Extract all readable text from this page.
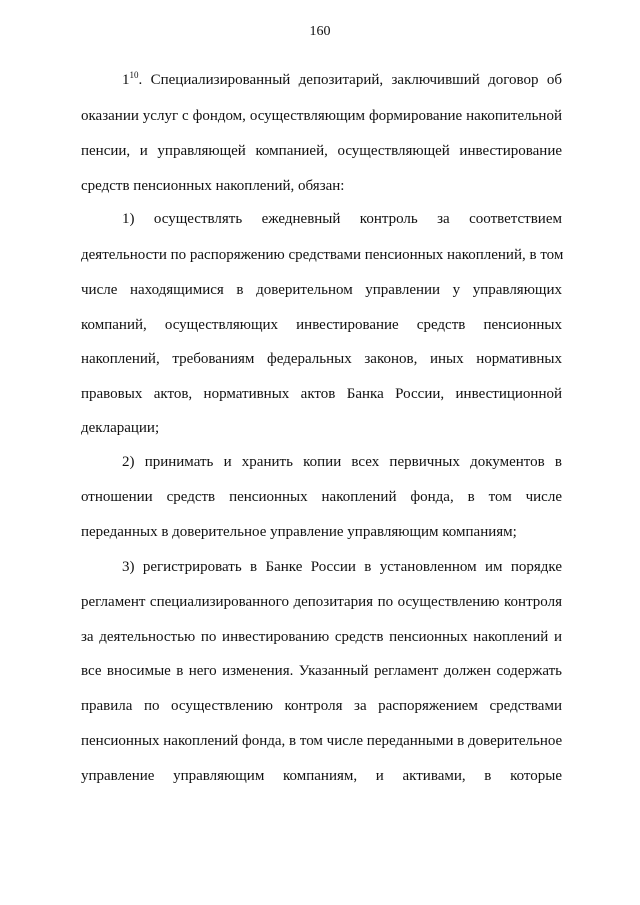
160
$1^{10}$. Специализированный депозитарий, заключивший договор об
оказании услуг с фондом, осуществляющим формирование накопительной
пенсии, и управляющей компанией, осуществляющей инвестирование
средств пенсионных накоплений, обязан:
1) осуществлять ежедневный контроль за соответствием
деятельности по распоряжению средствами пенсионных накоплений, в том
числе находящимися в доверительном управлении у управляющих
компаний, осуществляющих инвестирование средств пенсионных
накоплений, требованиям федеральных законов, иных нормативных
правовых актов, нормативных актов Банка России, инвестиционной
декларации;
2) принимать и хранить копии всех первичных документов в
отношении средств пенсионных накоплений фонда, в том числе
переданных в доверительное управление управляющим компаниям;
3) регистрировать в Банке России в установленном им порядке
регламент специализированного депозитария по осуществлению контроля
за деятельностью по инвестированию средств пенсионных накоплений и
все вносимые в него изменения. Указанный регламент должен содержать
правила по осуществлению контроля за распоряжением средствами
пенсионных накоплений фонда, в том числе переданными в доверительное
управление управляющим компаниям, и активами, в которые
